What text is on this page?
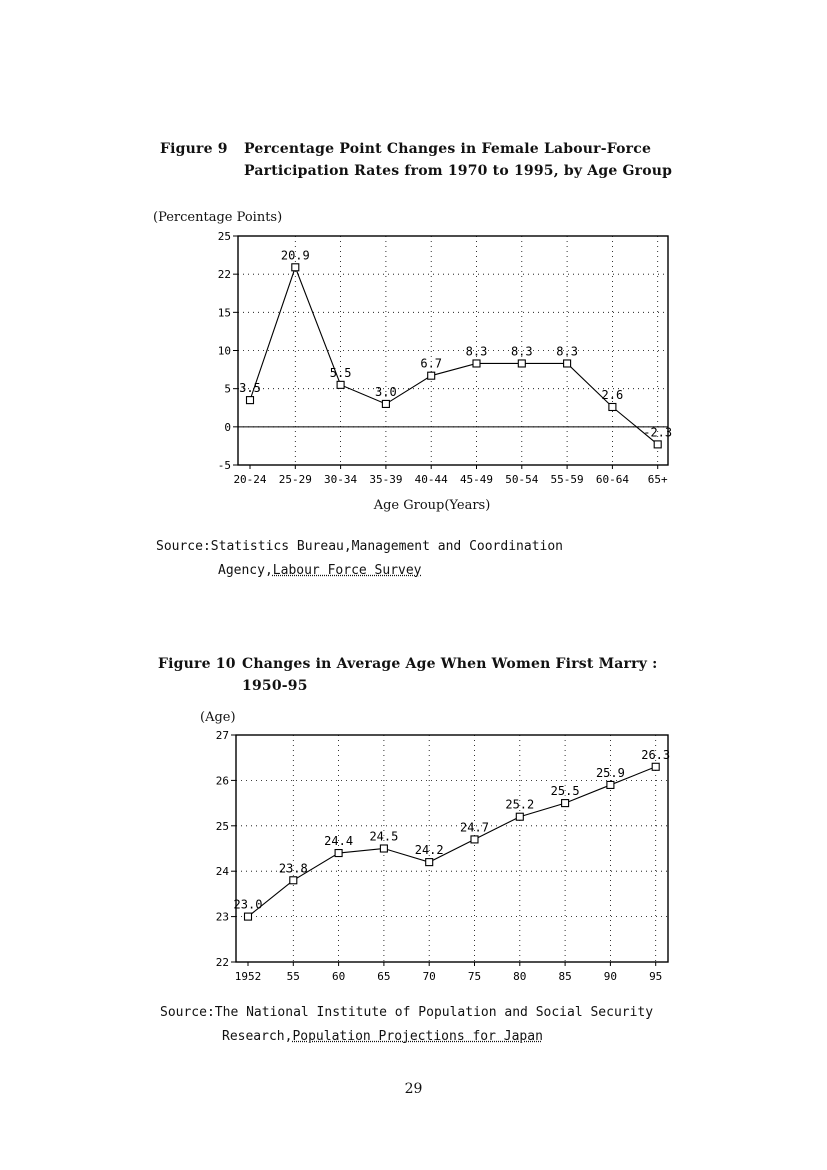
Figure 9 Percentage Point Changes in Female Labour-Force
Participation Rates from 1970 to 1995, by Age Group
(Percentage Points)
Age Group(Years)
Source:Statistics Bureau,Management and Coordination
Agency,Labour Force Survey
Figure 10 Changes in Average Age When Women First Marry :
1950-95
(Age)
Source:The National Institute of Population and Social Security
Research,Population Projections for Japan
29
25
22
15
10
5
0
-5
20-24 25-29 30-34 35-39 40-44 45-49 50-54 55-59 60-64 65+
3.5
20.9
5.5
3.0
6.7
8.3 8.3 8.3
2.6
-2.3
27
26
25
24
23
22
1952 55	60	65	70	75	80	85	90	95
23.0
23.8
24.4 24.5
24.2
24.7
25.2
25.5
25.9
26.3
